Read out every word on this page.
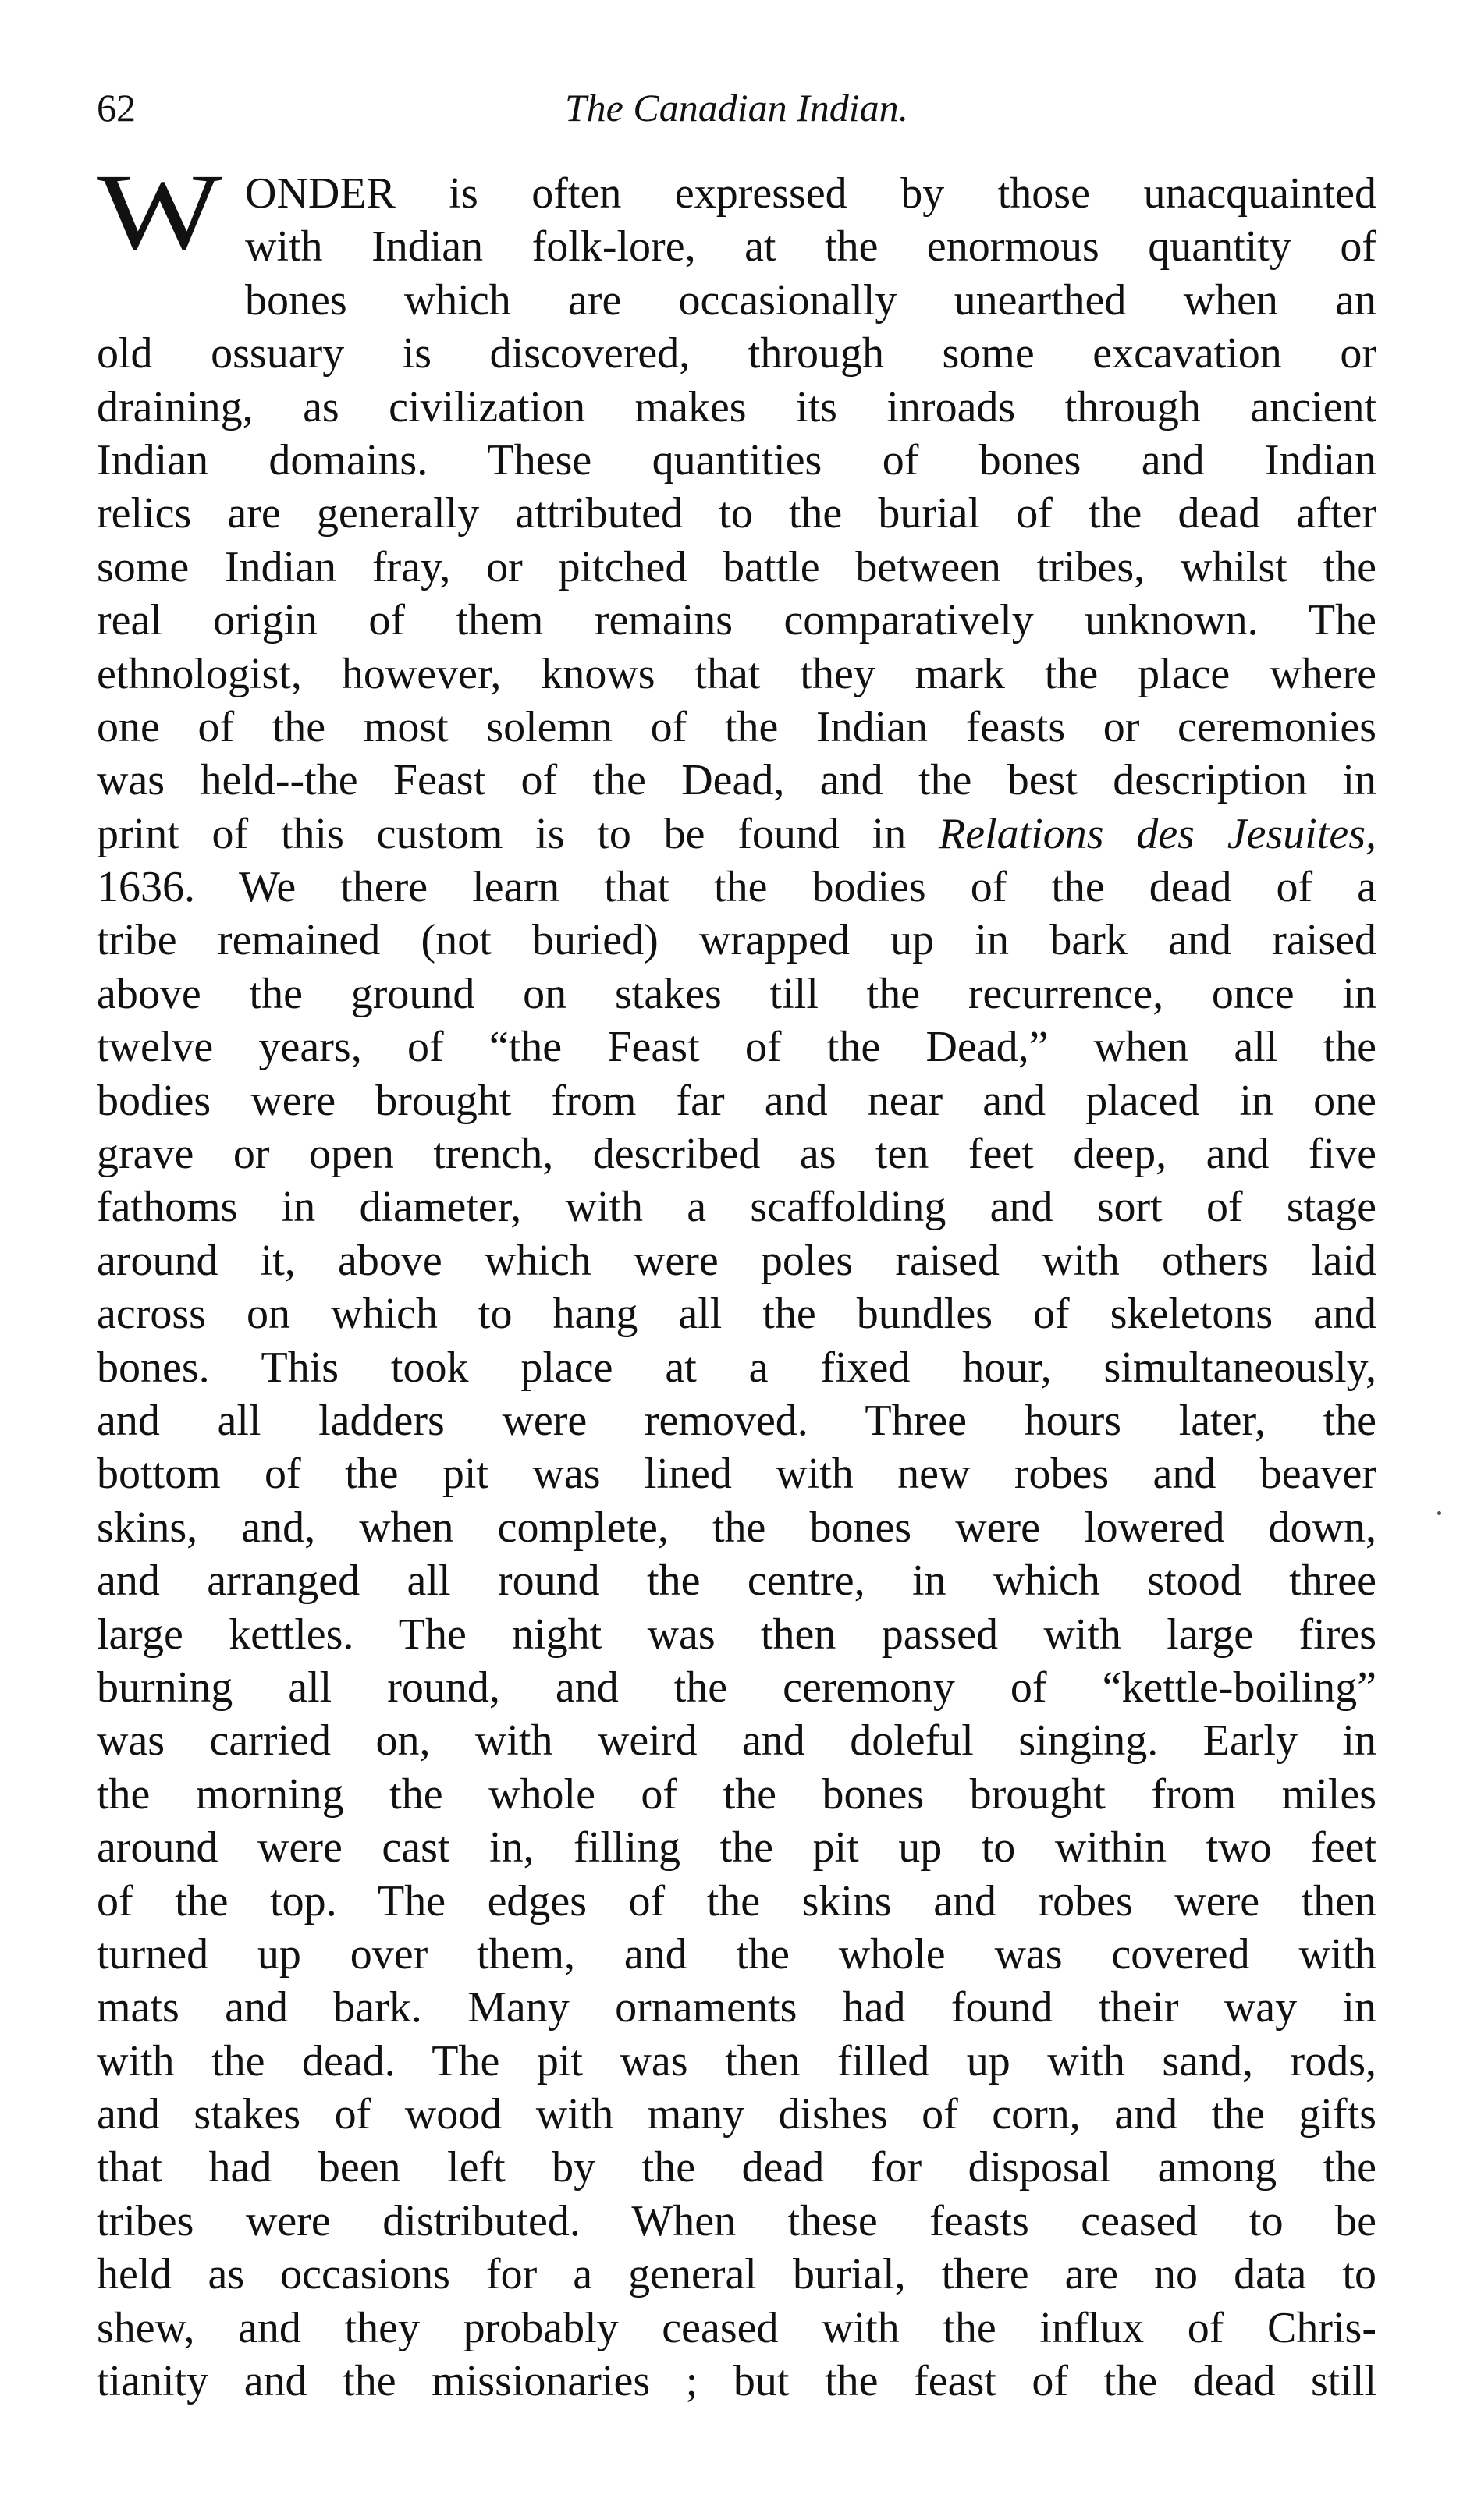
62	The Canadian Indian.
W ONDER is often expressed by those unacquainted
with Indian folk-lore, at the enormous quantity of
bones which are occasionally unearthed when an
old ossuary is discovered, through some excavation or
draining, as civilization makes its inroads through ancient
Indian domains. These quantities of bones and Indian
relics are generally attributed to the burial of the dead after
some Indian fray, or pitched battle between tribes, whilst the
real origin of them remains comparatively unknown. The
ethnologist, however, knows that they mark the place where
one of the most solemn of the Indian feasts or ceremonies
was held--the Feast of the Dead, and the best description in
print of this custom is to be found in Relations des Jesuites,
1636. We there learn that the bodies of the dead of a
tribe remained (not buried) wrapped up in bark and raised
above the ground on stakes till the recurrence, once in
twelve years, of “the Feast of the Dead,” when all the
bodies were brought from far and near and placed in one
grave or open trench, described as ten feet deep, and five
fathoms in diameter, with a scaffolding and sort of stage
around it, above which were poles raised with others laid
across on which to hang all the bundles of skeletons and
bones. This took place at a fixed hour, simultaneously,
and all ladders were removed. Three hours later, the
bottom of the pit was lined with new robes and beaver
skins, and, when complete, the bones were lowered down,
and arranged all round the centre, in which stood three
large kettles. The night was then passed with large fires
burning all round, and the ceremony of “kettle-boiling”
was carried on, with weird and doleful singing. Early in
the morning the whole of the bones brought from miles
around were cast in, filling the pit up to within two feet
of the top. The edges of the skins and robes were then
turned up over them, and the whole was covered with
mats and bark. Many ornaments had found their way in
with the dead. The pit was then filled up with sand, rods,
and stakes of wood with many dishes of corn, and the gifts
that had been left by the dead for disposal among the
tribes were distributed. When these feasts ceased to be
held as occasions for a general burial, there are no data to
shew, and they probably ceased with the influx of Chris-
tianity and the missionaries ; but the feast of the dead still
